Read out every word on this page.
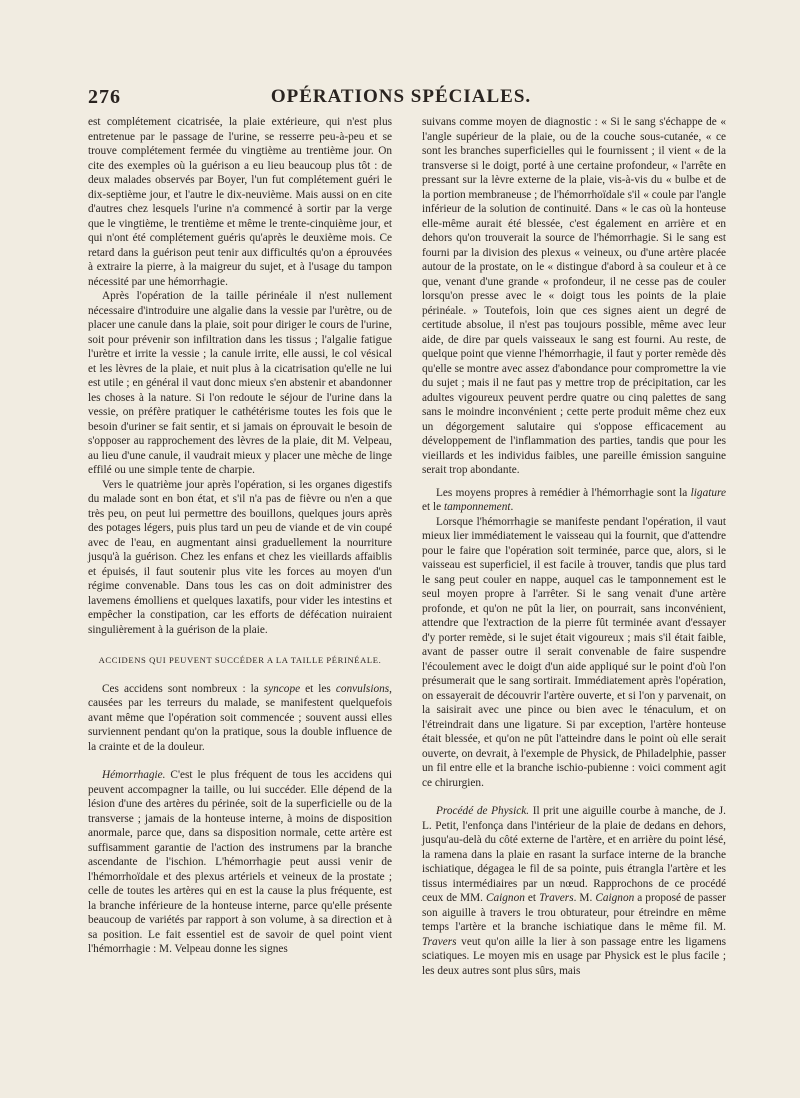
276	OPÉRATIONS SPÉCIALES.

est complétement cicatrisée, la plaie extérieure, qui n'est plus entretenue par le passage de l'urine, se resserre peu-à-peu et se trouve complétement fermée du vingtième au trentième jour. On cite des exemples où la guérison a eu lieu beaucoup plus tôt : de deux malades observés par Boyer, l'un fut complétement guéri le dix-septième jour, et l'autre le dix-neuvième. Mais aussi on en cite d'autres chez lesquels l'urine n'a commencé à sortir par la verge que le vingtième, le trentième et même le trente-cinquième jour, et qui n'ont été complétement guéris qu'après le deuxième mois. Ce retard dans la guérison peut tenir aux difficultés qu'on a éprouvées à extraire la pierre, à la maigreur du sujet, et à l'usage du tampon nécessité par une hémorrhagie.

Après l'opération de la taille périnéale il n'est nullement nécessaire d'introduire une algalie dans la vessie par l'urètre, ou de placer une canule dans la plaie, soit pour diriger le cours de l'urine, soit pour prévenir son infiltration dans les tissus ; l'algalie fatigue l'urètre et irrite la vessie ; la canule irrite, elle aussi, le col vésical et les lèvres de la plaie, et nuit plus à la cicatrisation qu'elle ne lui est utile ; en général il vaut donc mieux s'en abstenir et abandonner les choses à la nature. Si l'on redoute le séjour de l'urine dans la vessie, on préfère pratiquer le cathétérisme toutes les fois que le besoin d'uriner se fait sentir, et si jamais on éprouvait le besoin de s'opposer au rapprochement des lèvres de la plaie, dit M. Velpeau, au lieu d'une canule, il vaudrait mieux y placer une mèche de linge effilé ou une simple tente de charpie.

Vers le quatrième jour après l'opération, si les organes digestifs du malade sont en bon état, et s'il n'a pas de fièvre ou n'en a que très peu, on peut lui permettre des bouillons, quelques jours après des potages légers, puis plus tard un peu de viande et de vin coupé avec de l'eau, en augmentant ainsi graduellement la nourriture jusqu'à la guérison. Chez les enfans et chez les vieillards affaiblis et épuisés, il faut soutenir plus vite les forces au moyen d'un régime convenable. Dans tous les cas on doit administrer des lavemens émolliens et quelques laxatifs, pour vider les intestins et empêcher la constipation, car les efforts de défécation nuiraient singulièrement à la guérison de la plaie.

ACCIDENS QUI PEUVENT SUCCÉDER A LA TAILLE PÉRINÉALE.

Ces accidens sont nombreux : la syncope et les convulsions, causées par les terreurs du malade, se manifestent quelquefois avant même que l'opération soit commencée ; souvent aussi elles surviennent pendant qu'on la pratique, sous la double influence de la crainte et de la douleur.

Hémorrhagie. C'est le plus fréquent de tous les accidens qui peuvent accompagner la taille, ou lui succéder. Elle dépend de la lésion d'une des artères du périnée, soit de la superficielle ou de la transverse ; jamais de la honteuse interne, à moins de disposition anormale, parce que, dans sa disposition normale, cette artère est suffisamment garantie de l'action des instrumens par la branche ascendante de l'ischion. L'hémorrhagie peut aussi venir de l'hémorrhoïdale et des plexus artériels et veineux de la prostate ; celle de toutes les artères qui en est la cause la plus fréquente, est la branche inférieure de la honteuse interne, parce qu'elle présente beaucoup de variétés par rapport à son volume, à sa direction et à sa position. Le fait essentiel est de savoir de quel point vient l'hémorrhagie : M. Velpeau donne les signes

suivans comme moyen de diagnostic : « Si le sang s'échappe de « l'angle supérieur de la plaie, ou de la couche sous-cutanée, « ce sont les branches superficielles qui le fournissent ; il vient « de la transverse si le doigt, porté à une certaine profondeur, « l'arrête en pressant sur la lèvre externe de la plaie, vis-à-vis du « bulbe et de la portion membraneuse ; de l'hémorrhoïdale s'il « coule par l'angle inférieur de la solution de continuité. Dans « le cas où la honteuse elle-même aurait été blessée, c'est également en arrière et en dehors qu'on trouverait la source de l'hémorrhagie. Si le sang est fourni par la division des plexus « veineux, ou d'une artère placée autour de la prostate, on le « distingue d'abord à sa couleur et à ce que, venant d'une grande « profondeur, il ne cesse pas de couler lorsqu'on presse avec le « doigt tous les points de la plaie périnéale. » Toutefois, loin que ces signes aient un degré de certitude absolue, il n'est pas toujours possible, même avec leur aide, de dire par quels vaisseaux le sang est fourni. Au reste, de quelque point que vienne l'hémorrhagie, il faut y porter remède dès qu'elle se montre avec assez d'abondance pour compromettre la vie du sujet ; mais il ne faut pas y mettre trop de précipitation, car les adultes vigoureux peuvent perdre quatre ou cinq palettes de sang sans le moindre inconvénient ; cette perte produit même chez eux un dégorgement salutaire qui s'oppose efficacement au développement de l'inflammation des parties, tandis que pour les vieillards et les individus faibles, une pareille émission sanguine serait trop abondante.

Les moyens propres à remédier à l'hémorrhagie sont la ligature et le tamponnement.

Lorsque l'hémorrhagie se manifeste pendant l'opération, il vaut mieux lier immédiatement le vaisseau qui la fournit, que d'attendre pour le faire que l'opération soit terminée, parce que, alors, si le vaisseau est superficiel, il est facile à trouver, tandis que plus tard le sang peut couler en nappe, auquel cas le tamponnement est le seul moyen propre à l'arrêter. Si le sang venait d'une artère profonde, et qu'on ne pût la lier, on pourrait, sans inconvénient, attendre que l'extraction de la pierre fût terminée avant d'essayer d'y porter remède, si le sujet était vigoureux ; mais s'il était faible, avant de passer outre il serait convenable de faire suspendre l'écoulement avec le doigt d'un aide appliqué sur le point d'où l'on présumerait que le sang sortirait. Immédiatement après l'opération, on essayerait de découvrir l'artère ouverte, et si l'on y parvenait, on la saisirait avec une pince ou bien avec le ténaculum, et on l'étreindrait dans une ligature. Si par exception, l'artère honteuse était blessée, et qu'on ne pût l'atteindre dans le point où elle serait ouverte, on devrait, à l'exemple de Physick, de Philadelphie, passer un fil entre elle et la branche ischio-pubienne : voici comment agit ce chirurgien.

Procédé de Physick. Il prit une aiguille courbe à manche, de J. L. Petit, l'enfonça dans l'intérieur de la plaie de dedans en dehors, jusqu'au-delà du côté externe de l'artère, et en arrière du point lésé, la ramena dans la plaie en rasant la surface interne de la branche ischiatique, dégagea le fil de sa pointe, puis étrangla l'artère et les tissus intermédiaires par un nœud. Rapprochons de ce procédé ceux de MM. Caignon et Travers. M. Caignon a proposé de passer son aiguille à travers le trou obturateur, pour étreindre en même temps l'artère et la branche ischiatique dans le même fil. M. Travers veut qu'on aille la lier à son passage entre les ligamens sciatiques. Le moyen mis en usage par Physick est le plus facile ; les deux autres sont plus sûrs, mais
